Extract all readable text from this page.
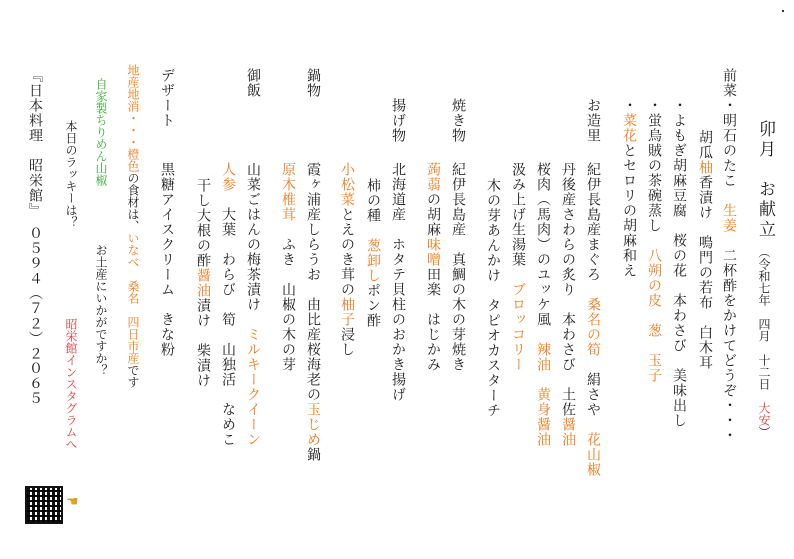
卯月　お献立
（令和七年　四月　十二日　大安）
前菜
・明石のたこ　生姜　二杯酢をかけてどうぞ・・・
胡瓜柚香漬け　鳴門の若布　白木耳
・よもぎ胡麻豆腐　桜の花　本わさび　美味出し
・蛍烏賊の茶碗蒸し　八朔の皮　葱　玉子
・菜花とセロリの胡麻和え
お造里
紀伊長島産まぐろ　桑名の筍　絹さや　花山椒
丹後産さわらの炙り　本わさび　土佐醤油
桜肉（馬肉）のユッケ風　辣油　黄身醤油
汲み上げ生湯葉　ブロッコリー
木の芽あんかけ　タピオカスターチ
焼き物
紀伊長島産　真鯛の木の芽焼き
蒟蒻の胡麻味噌田楽　はじかみ
揚げ物
北海道産　ホタテ貝柱のおかき揚げ
柿の種　葱卸しポン酢
鍋物
小松菜とえのき茸の柚子浸し
霞ヶ浦産しらうお　由比産桜海老の玉じめ鍋
原木椎茸　ふき　山椒の木の芽
御飯
山菜ごはんの梅茶漬け　ミルキークイーン
人参　大葉　わらび　筍　山独活　なめこ
干し大根の酢醤油漬け　柴漬け
デザート
黒糖アイスクリーム　きな粉
地産地消・・・橙色の食材は、いなべ　桑名　四日市産です
自家製ちりめん山椒
　お土産にいかがですか？
本日のラッキーは？
昭栄館インスタグラムへ
『日本料理　昭栄館』　０５９４（７２）２０６５
☚
